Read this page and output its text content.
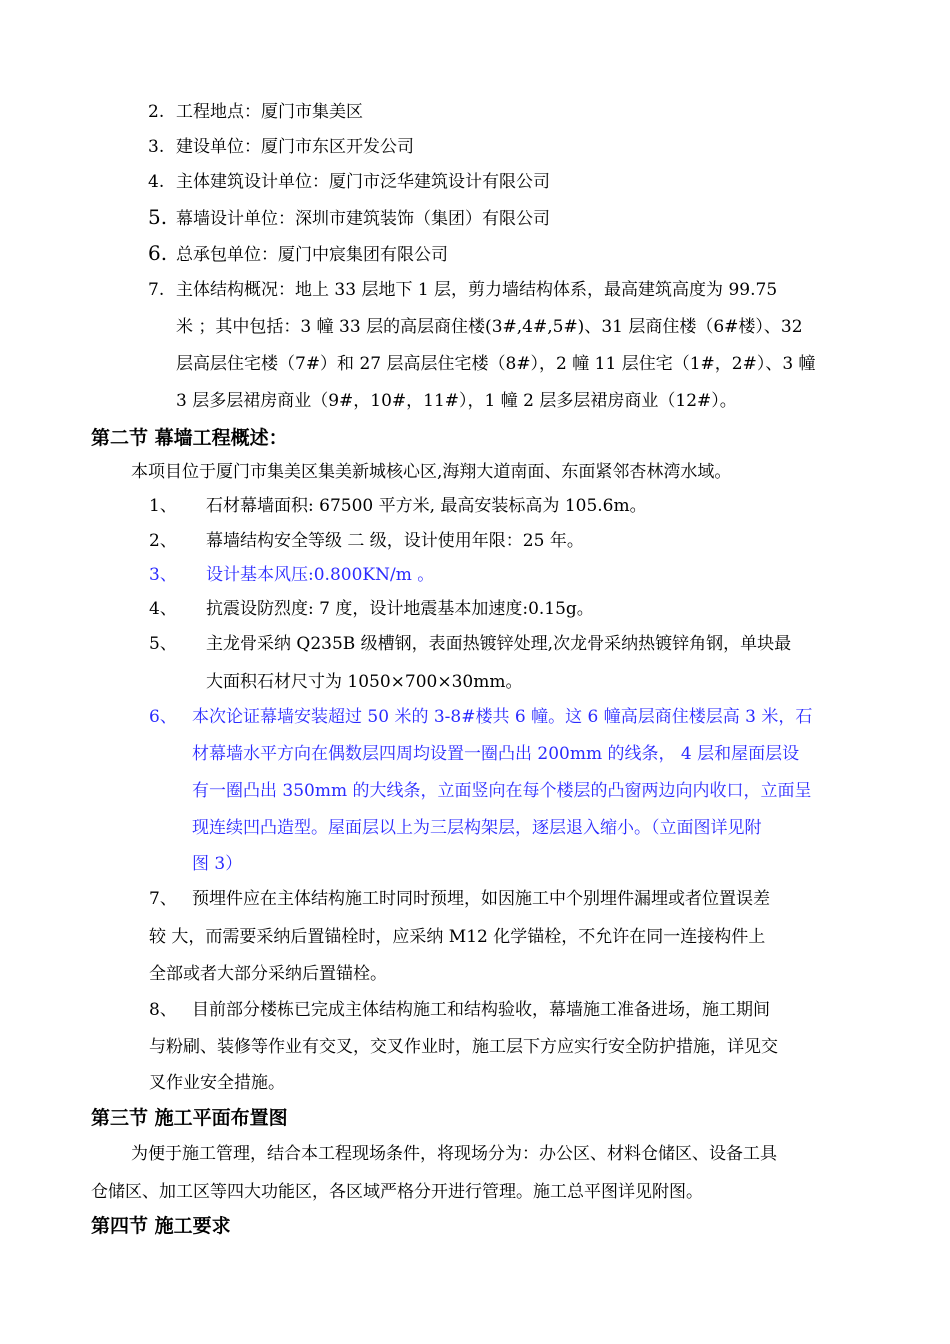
2. 工程地点：厦门市集美区
3. 建设单位：厦门市东区开发公司
4. 主体建筑设计单位：厦门市泛华建筑设计有限公司
5. 幕墙设计单位：深圳市建筑装饰（集团）有限公司
6. 总承包单位：厦门中宸集团有限公司
7. 主体结构概况：地上 33 层地下 1 层，剪力墙结构体系，最高建筑高度为 99.75
米 ；其中包括：3 幢 33 层的高层商住楼(3#,4#,5#)、31 层商住楼（6#楼）、32
层高层住宅楼（7#）和 27 层高层住宅楼（8#），2 幢 11 层住宅（1#，2#）、3 幢
3 层多层裙房商业（9#，10#，11#），1 幢 2 层多层裙房商业（12#）。
第二节 幕墙工程概述：
本项目位于厦门市集美区集美新城核心区,海翔大道南面、东面紧邻杏林湾水域。
1、 石材幕墙面积: 67500 平方米, 最高安装标高为 105.6m。
2、 幕墙结构安全等级 二 级，设计使用年限：25 年。
3、 设计基本风压:0.800KN/m 。
4、 抗震设防烈度: 7 度，设计地震基本加速度:0.15g。
5、 主龙骨采纳 Q235B 级槽钢，表面热镀锌处理,次龙骨采纳热镀锌角钢，单块最
大面积石材尺寸为 1050×700×30mm。
6、 本次论证幕墙安装超过 50 米的 3-8#楼共 6 幢。这 6 幢高层商住楼层高 3 米，石
材幕墙水平方向在偶数层四周均设置一圈凸出 200mm 的线条， 4 层和屋面层设
有一圈凸出 350mm 的大线条，立面竖向在每个楼层的凸窗两边向内收口，立面呈
现连续凹凸造型。屋面层以上为三层构架层，逐层退入缩小。（立面图详见附
图 3）
7、 预埋件应在主体结构施工时同时预埋，如因施工中个别埋件漏埋或者位置误差
较 大，而需要采纳后置锚栓时，应采纳 M12 化学锚栓，不允许在同一连接构件上
全部或者大部分采纳后置锚栓。
8、 目前部分楼栋已完成主体结构施工和结构验收，幕墙施工准备进场，施工期间
与粉刷、装修等作业有交叉，交叉作业时，施工层下方应实行安全防护措施，详见交
叉作业安全措施。
第三节 施工平面布置图
为便于施工管理，结合本工程现场条件，将现场分为：办公区、材料仓储区、设备工具
仓储区、加工区等四大功能区，各区域严格分开进行管理。施工总平图详见附图。
第四节 施工要求
